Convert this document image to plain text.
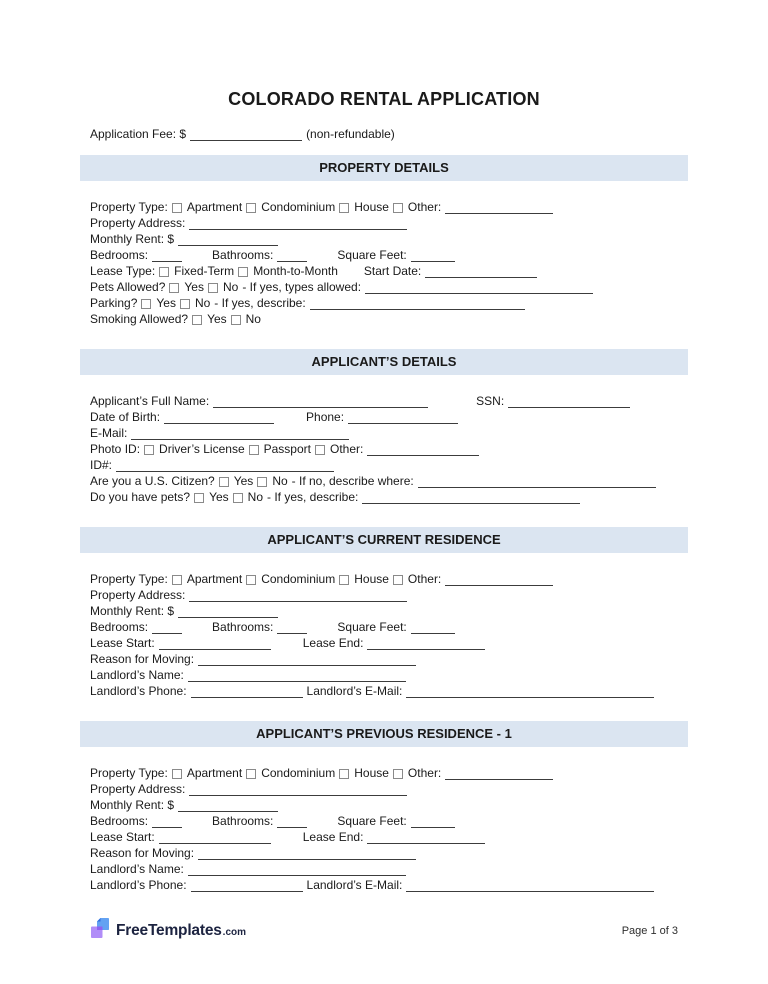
COLORADO RENTAL APPLICATION
Application Fee: $	(non-refundable)
PROPERTY DETAILS
Property Type: Apartment Condominium House Other:
Property Address:
Monthly Rent: $
Bedrooms:	Bathrooms:	Square Feet:
Lease Type: Fixed-Term Month-to-Month Start Date:
Pets Allowed? Yes No - If yes, types allowed:
Parking? Yes No - If yes, describe:
Smoking Allowed? Yes No
APPLICANT’S DETAILS
Applicant’s Full Name:	SSN:
Date of Birth:	Phone:
E-Mail:
Photo ID: Driver’s License Passport Other:
ID#:
Are you a U.S. Citizen? Yes No - If no, describe where:
Do you have pets? Yes No - If yes, describe:
APPLICANT’S CURRENT RESIDENCE
Property Type: Apartment Condominium House Other:
Property Address:
Monthly Rent: $
Bedrooms:	Bathrooms:	Square Feet:
Lease Start:	Lease End:
Reason for Moving:
Landlord’s Name:
Landlord’s Phone:	Landlord’s E-Mail:
APPLICANT’S PREVIOUS RESIDENCE - 1
Property Type: Apartment Condominium House Other:
Property Address:
Monthly Rent: $
Bedrooms:	Bathrooms:	Square Feet:
Lease Start:	Lease End:
Reason for Moving:
Landlord’s Name:
Landlord’s Phone:	Landlord’s E-Mail:
FreeTemplates .com	Page 1 of 3
